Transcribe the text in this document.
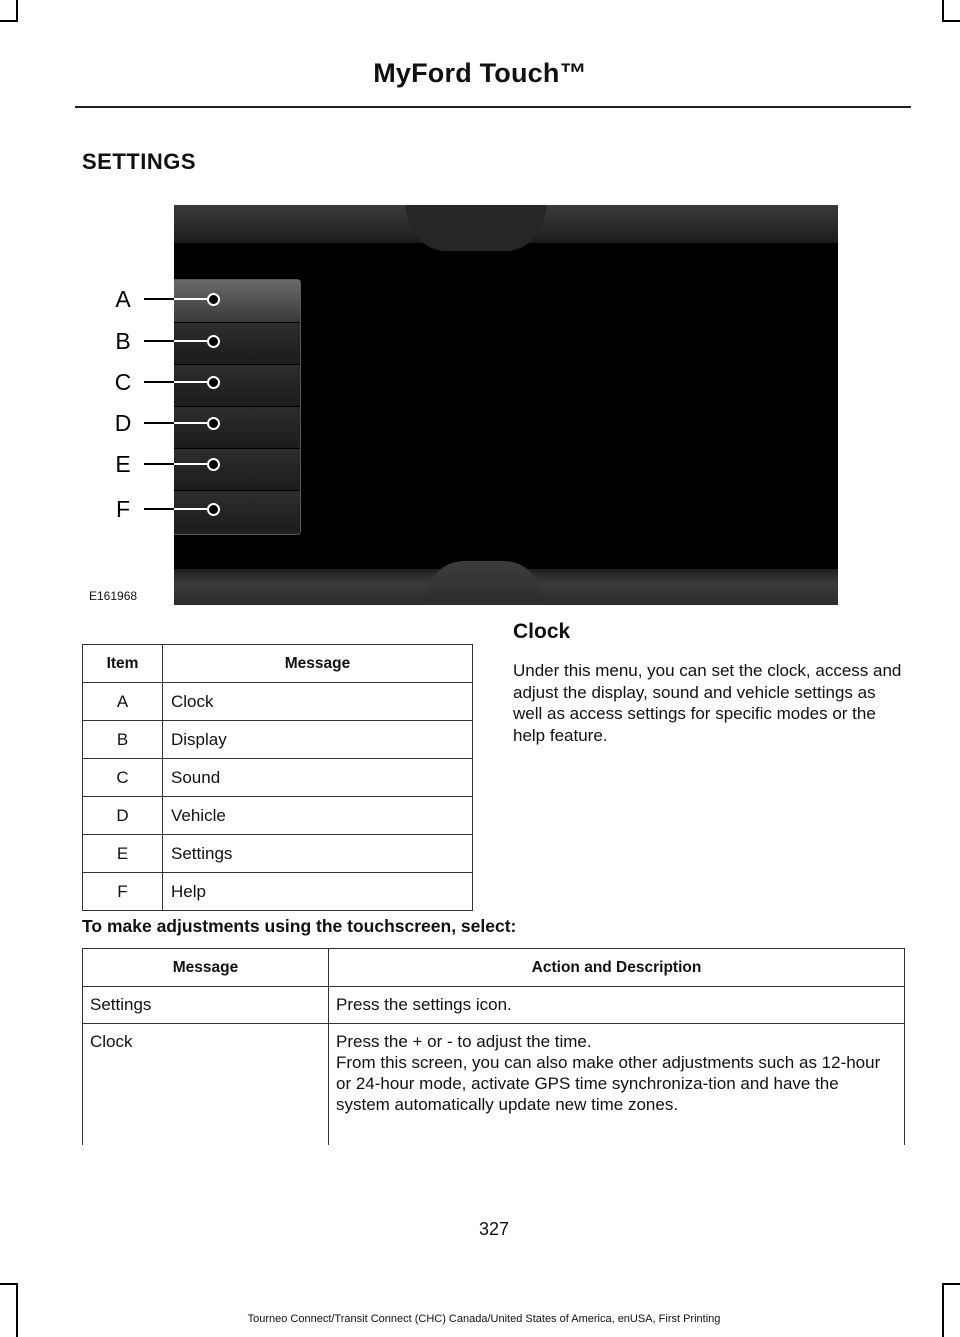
MyFord Touch™
SETTINGS
A
B
C
D
E
F
E161968
Item	Message
A	Clock
B	Display
C	Sound
D	Vehicle
E	Settings
F	Help
Clock
Under this menu, you can set the clock, access and adjust the display, sound and vehicle settings as well as access settings for specific modes or the help feature.
To make adjustments using the touchscreen, select:
Message	Action and Description
Settings	Press the settings icon.
Clock	Press the + or - to adjust the time.
From this screen, you can also make other adjustments such as 12-hour or 24-hour mode, activate GPS time synchroniza-tion and have the system automatically update new time zones.
327
Tourneo Connect/Transit Connect (CHC) Canada/United States of America, enUSA, First Printing
